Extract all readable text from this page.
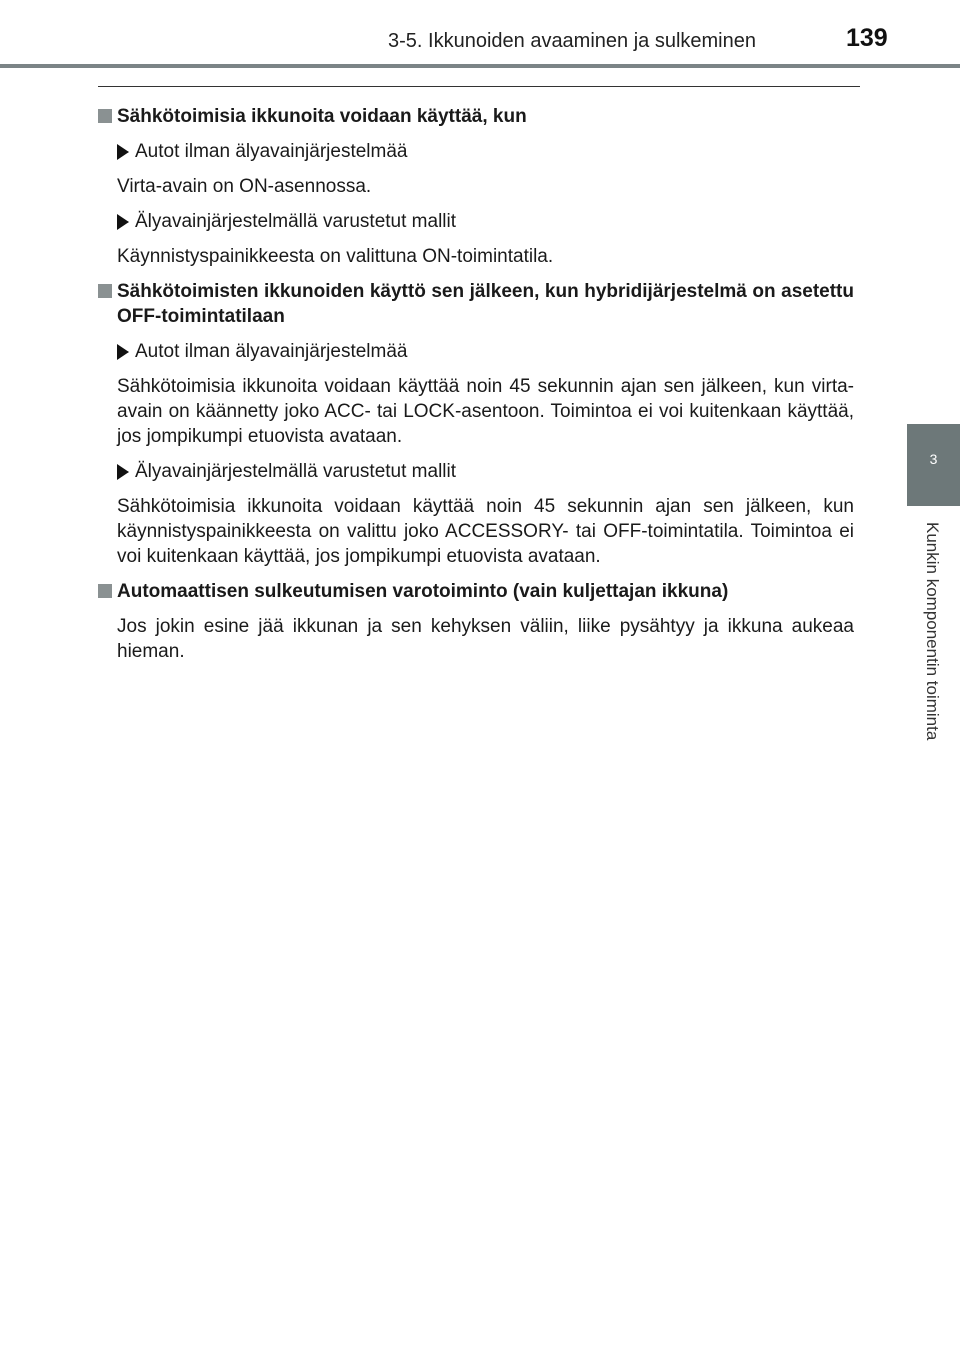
3-5. Ikkunoiden avaaminen ja sulkeminen	139
3
Kunkin komponentin toiminta
Sähkötoimisia ikkunoita voidaan käyttää, kun
Autot ilman älyavainjärjestelmää
Virta-avain on ON-asennossa.
Älyavainjärjestelmällä varustetut mallit
Käynnistyspainikkeesta on valittuna ON-toimintatila.
Sähkötoimisten ikkunoiden käyttö sen jälkeen, kun hybridijärjestelmä on asetettu OFF-toimintatilaan
Autot ilman älyavainjärjestelmää
Sähkötoimisia ikkunoita voidaan käyttää noin 45 sekunnin ajan sen jälkeen, kun virta-avain on käännetty joko ACC- tai LOCK-asentoon. Toimintoa ei voi kuitenkaan käyttää, jos jompikumpi etuovista avataan.
Älyavainjärjestelmällä varustetut mallit
Sähkötoimisia ikkunoita voidaan käyttää noin 45 sekunnin ajan sen jälkeen, kun käynnistyspainikkeesta on valittu joko ACCESSORY- tai OFF-toimintatila. Toimintoa ei voi kuitenkaan käyttää, jos jompikumpi etuovista avataan.
Automaattisen sulkeutumisen varotoiminto (vain kuljettajan ikkuna)
Jos jokin esine jää ikkunan ja sen kehyksen väliin, liike pysähtyy ja ikkuna aukeaa hieman.
